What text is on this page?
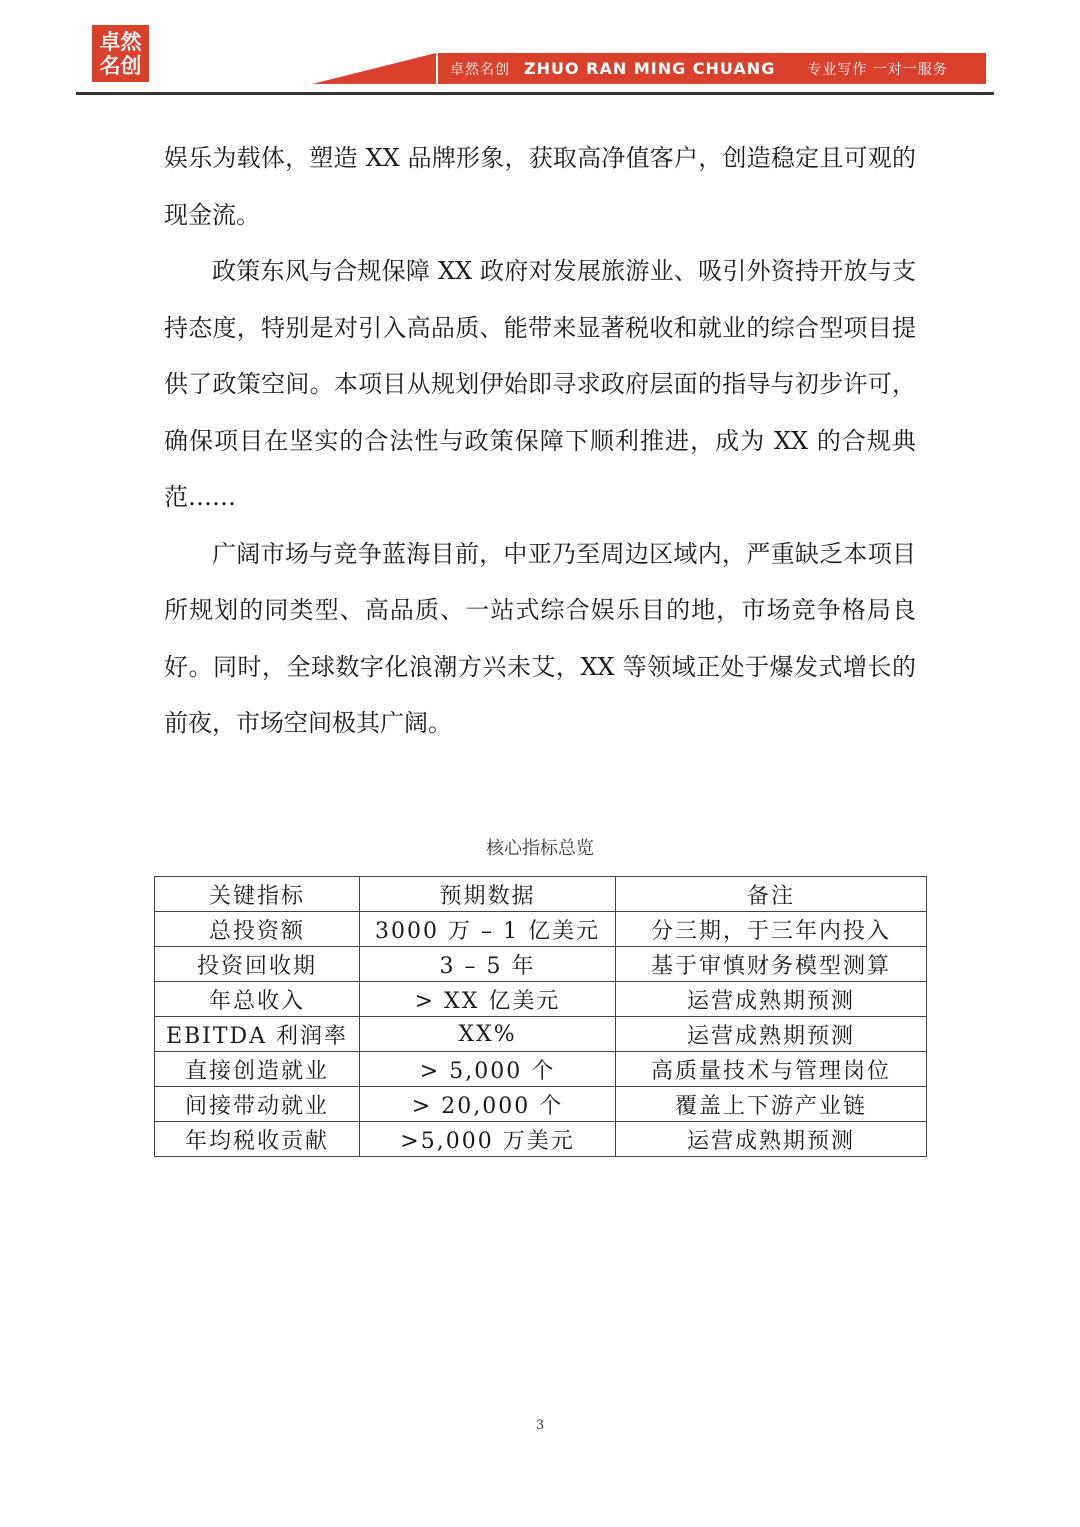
卓然
名创	卓然名创 ZHUO RAN MING CHUANG 专业写作 一对一服务

娱乐为载体，塑造 XX 品牌形象，获取高净值客户，创造稳定且可观的现金流。

政策东风与合规保障 XX 政府对发展旅游业、吸引外资持开放与支持态度，特别是对引入高品质、能带来显著税收和就业的综合型项目提供了政策空间。本项目从规划伊始即寻求政府层面的指导与初步许可，确保项目在坚实的合法性与政策保障下顺利推进，成为 XX 的合规典范……

广阔市场与竞争蓝海目前，中亚乃至周边区域内，严重缺乏本项目所规划的同类型、高品质、一站式综合娱乐目的地，市场竞争格局良好。同时，全球数字化浪潮方兴未艾，XX 等领域正处于爆发式增长的前夜，市场空间极其广阔。

核心指标总览
关键指标	预期数据	备注
总投资额	3000 万 – 1 亿美元	分三期，于三年内投入
投资回收期	3 – 5 年	基于审慎财务模型测算
年总收入	> XX 亿美元	运营成熟期预测
EBITDA 利润率	XX%	运营成熟期预测
直接创造就业	> 5,000 个	高质量技术与管理岗位
间接带动就业	> 20,000 个	覆盖上下游产业链
年均税收贡献	>5,000 万美元	运营成熟期预测
3
